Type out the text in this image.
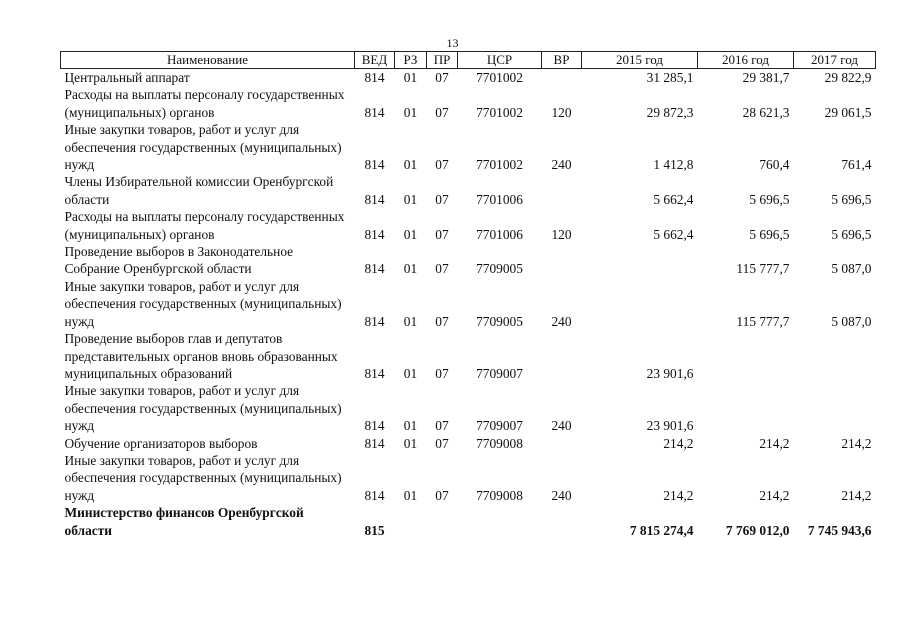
13
Наименование	ВЕД	РЗ	ПР	ЦСР	ВР	2015 год	2016 год	2017 год
Центральный аппарат	814	01	07	7701002		31 285,1	29 381,7	29 822,9
Расходы на выплаты персоналу государственных (муниципальных) органов	814	01	07	7701002	120	29 872,3	28 621,3	29 061,5
Иные закупки товаров, работ и услуг для обеспечения государственных (муниципальных) нужд	814	01	07	7701002	240	1 412,8	760,4	761,4
Члены Избирательной комиссии Оренбургской области	814	01	07	7701006		5 662,4	5 696,5	5 696,5
Расходы на выплаты персоналу государственных (муниципальных) органов	814	01	07	7701006	120	5 662,4	5 696,5	5 696,5
Проведение выборов в Законодательное Собрание Оренбургской области	814	01	07	7709005			115 777,7	5 087,0
Иные закупки товаров, работ и услуг для обеспечения государственных (муниципальных) нужд	814	01	07	7709005	240		115 777,7	5 087,0
Проведение выборов глав и депутатов представительных органов вновь образованных муниципальных образований	814	01	07	7709007		23 901,6		
Иные закупки товаров, работ и услуг для обеспечения государственных (муниципальных) нужд	814	01	07	7709007	240	23 901,6		
Обучение организаторов выборов	814	01	07	7709008		214,2	214,2	214,2
Иные закупки товаров, работ и услуг для обеспечения государственных (муниципальных) нужд	814	01	07	7709008	240	214,2	214,2	214,2
Министерство финансов Оренбургской области	815					7 815 274,4	7 769 012,0	7 745 943,6
